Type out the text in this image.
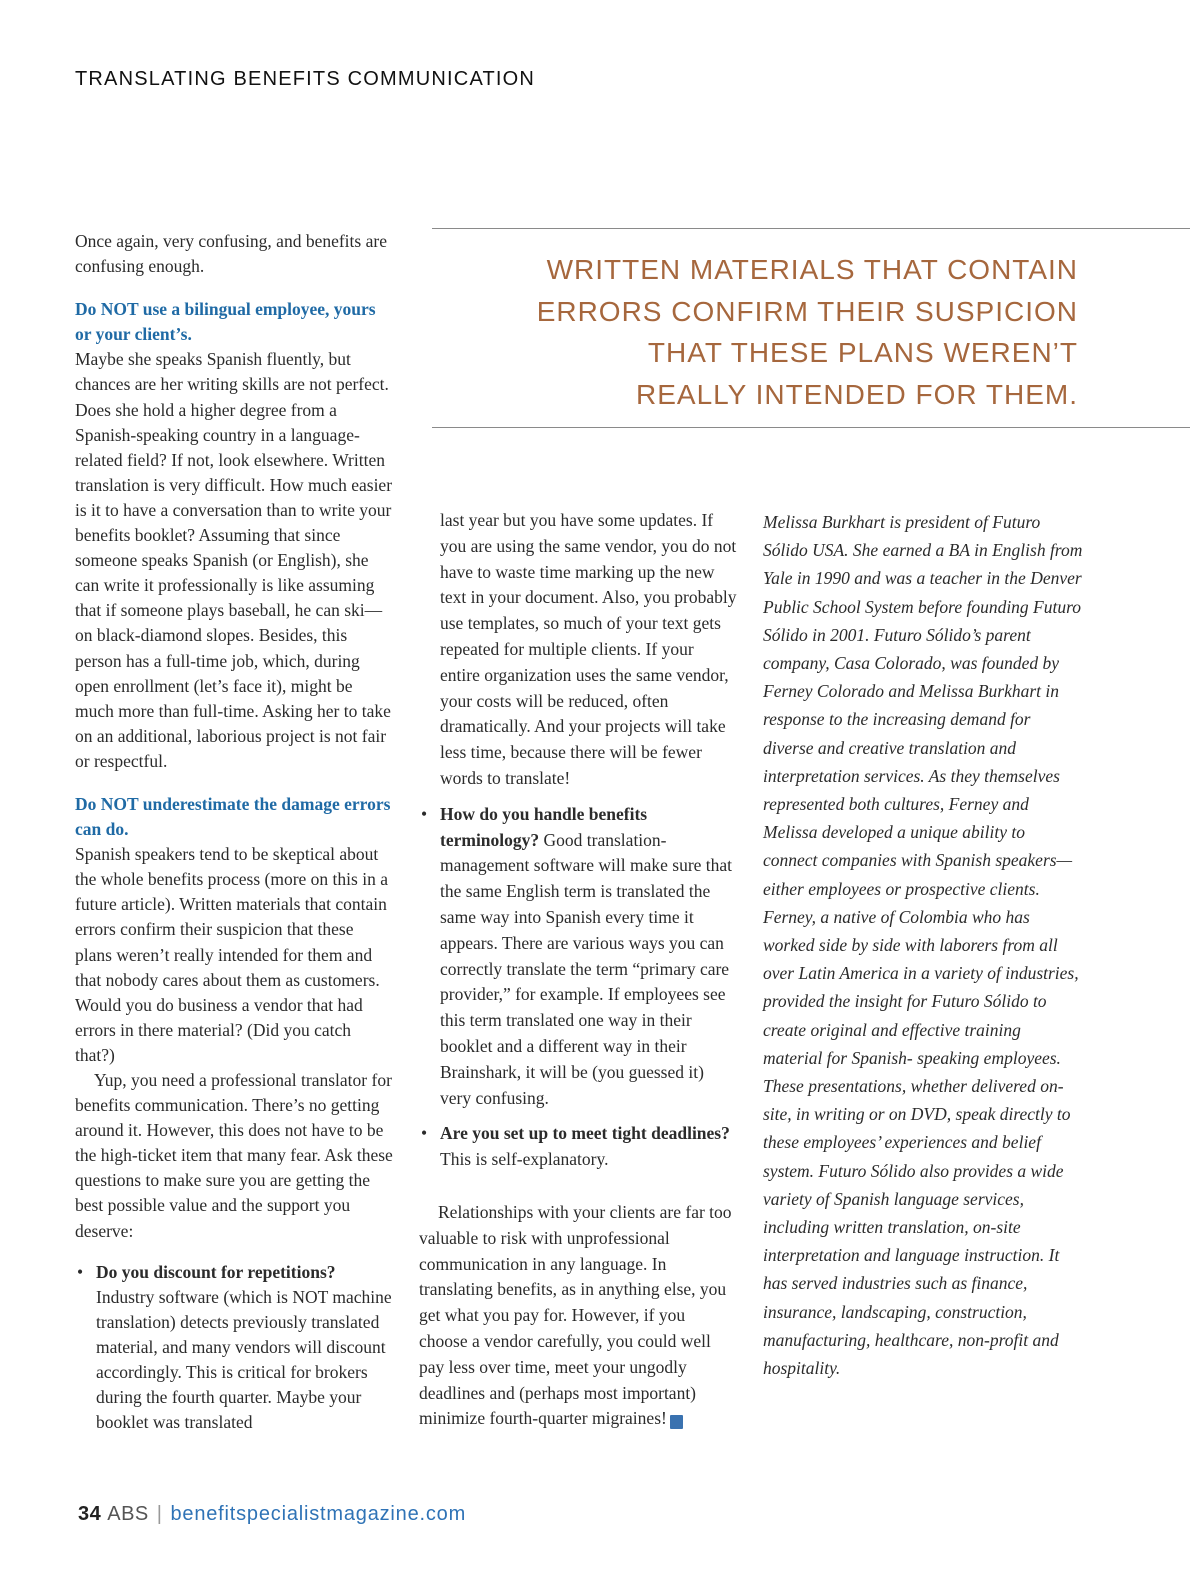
TRANSLATING BENEFITS COMMUNICATION
WRITTEN MATERIALS THAT CONTAIN
ERRORS CONFIRM THEIR SUSPICION
THAT THESE PLANS WEREN’T
REALLY INTENDED FOR THEM.

Once again, very confusing, and benefits are confusing enough.

Do NOT use a bilingual employee, yours or your client’s.

Maybe she speaks Spanish fluently, but chances are her writing skills are not perfect. Does she hold a higher degree from a Spanish-speaking country in a language-related field? If not, look elsewhere. Written translation is very difficult. How much easier is it to have a conversation than to write your benefits booklet? Assuming that since someone speaks Spanish (or English), she can write it professionally is like assuming that if someone plays baseball, he can ski—on black-diamond slopes. Besides, this person has a full-time job, which, during open enrollment (let’s face it), might be much more than full-time. Asking her to take on an additional, laborious project is not fair or respectful.

Do NOT underestimate the damage errors can do.

Spanish speakers tend to be skeptical about the whole benefits process (more on this in a future article). Written materials that contain errors confirm their suspicion that these plans weren’t really intended for them and that nobody cares about them as customers. Would you do business a vendor that had errors in there material? (Did you catch that?)

Yup, you need a professional translator for benefits communication. There’s no getting around it. However, this does not have to be the high-ticket item that many fear. Ask these questions to make sure you are getting the best possible value and the support you deserve:

• Do you discount for repetitions?
Industry software (which is NOT machine translation) detects previously translated material, and many vendors will discount accordingly. This is critical for brokers during the fourth quarter. Maybe your booklet was translated
last year but you have some updates. If you are using the same vendor, you do not have to waste time marking up the new text in your document. Also, you probably use templates, so much of your text gets repeated for multiple clients. If your entire organization uses the same vendor, your costs will be reduced, often dramatically. And your projects will take less time, because there will be fewer words to translate!
• How do you handle benefits terminology? Good translation-management software will make sure that the same English term is translated the same way into Spanish every time it appears. There are various ways you can correctly translate the term “primary care provider,” for example. If employees see this term translated one way in their booklet and a different way in their Brainshark, it will be (you guessed it) very confusing.
• Are you set up to meet tight deadlines? This is self-explanatory.

Relationships with your clients are far too valuable to risk with unprofessional communication in any language. In translating benefits, as in anything else, you get what you pay for. However, if you choose a vendor carefully, you could well pay less over time, meet your ungodly deadlines and (perhaps most important) minimize fourth-quarter migraines!	ABS

Melissa Burkhart is president of Futuro Sólido USA. She earned a BA in English from Yale in 1990 and was a teacher in the Denver Public School System before founding Futuro Sólido in 2001. Futuro Sólido’s parent company, Casa Colorado, was founded by Ferney Colorado and Melissa Burkhart in response to the increasing demand for diverse and creative translation and interpretation services. As they themselves represented both cultures, Ferney and Melissa developed a unique ability to connect companies with Spanish speakers—either employees or prospective clients. Ferney, a native of Colombia who has worked side by side with laborers from all over Latin America in a variety of industries, provided the insight for Futuro Sólido to create original and effective training material for Spanish- speaking employees. These presentations, whether delivered on-site, in writing or on DVD, speak directly to these employees’ experiences and belief system. Futuro Sólido also provides a wide variety of Spanish language services, including written translation, on-site interpretation and language instruction. It has served industries such as finance, insurance, landscaping, construction, manufacturing, healthcare, non-profit and hospitality.

34 ABS | benefitspecialistmagazine.com
